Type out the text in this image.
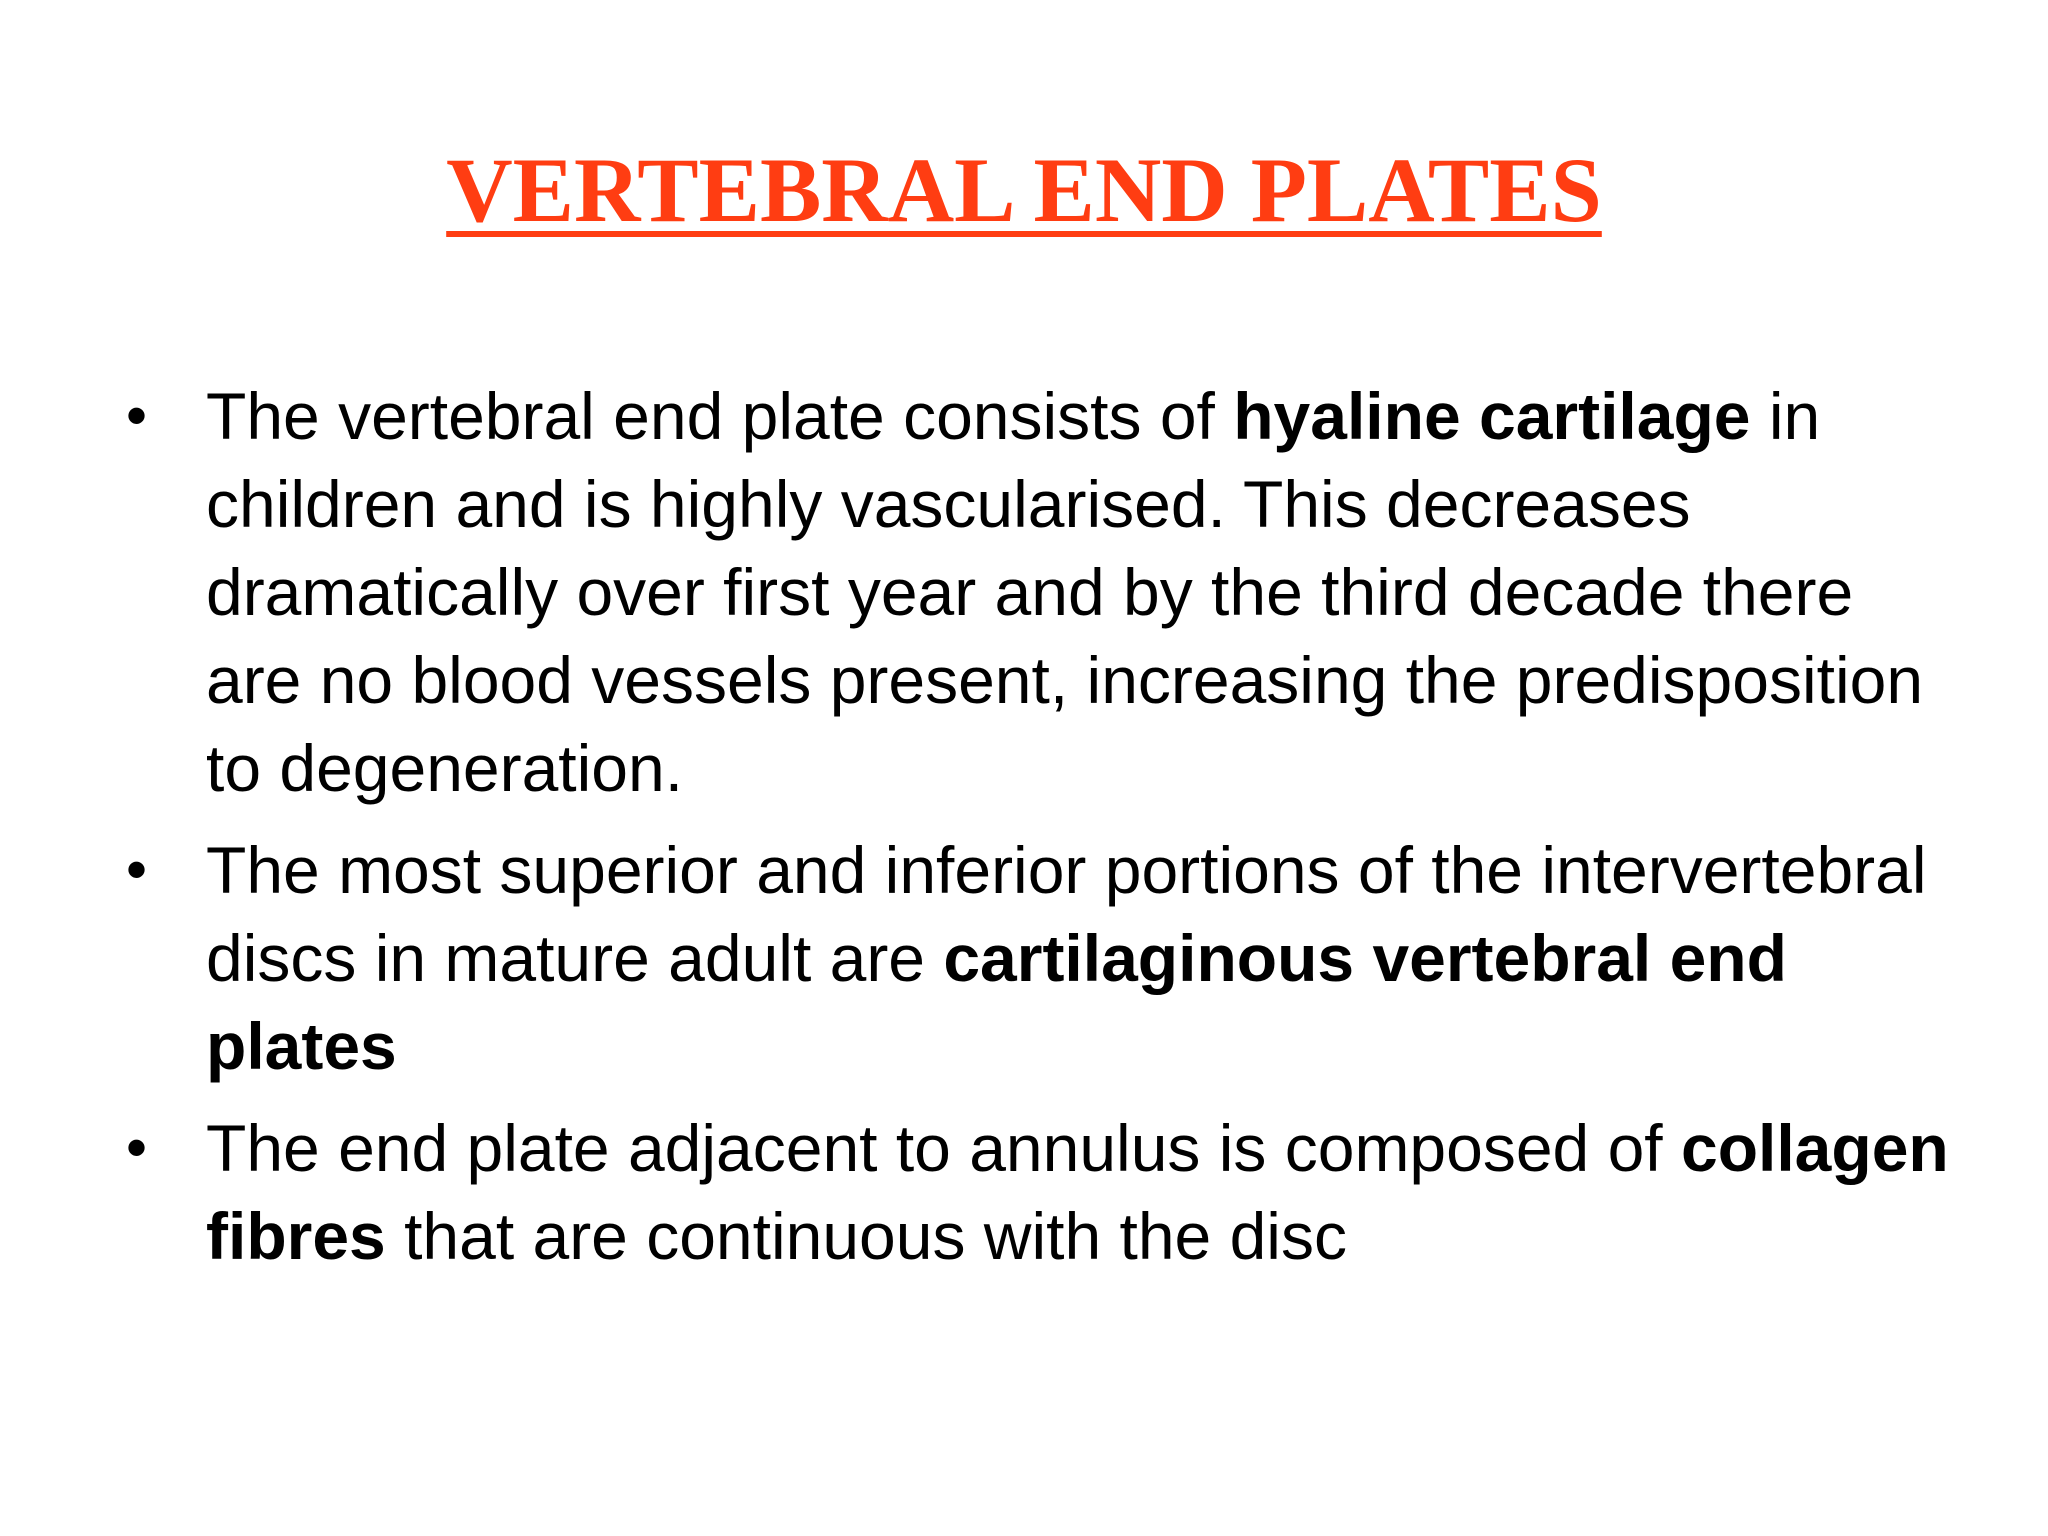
VERTEBRAL END PLATES
• The vertebral end plate consists of hyaline cartilage in children and is highly vascularised. This decreases dramatically over first year and by the third decade there are no blood vessels present, increasing the predisposition to degeneration.
• The most superior and inferior portions of the intervertebral discs in mature adult are cartilaginous vertebral end plates
• The end plate adjacent to annulus is composed of collagen fibres that are continuous with the disc
